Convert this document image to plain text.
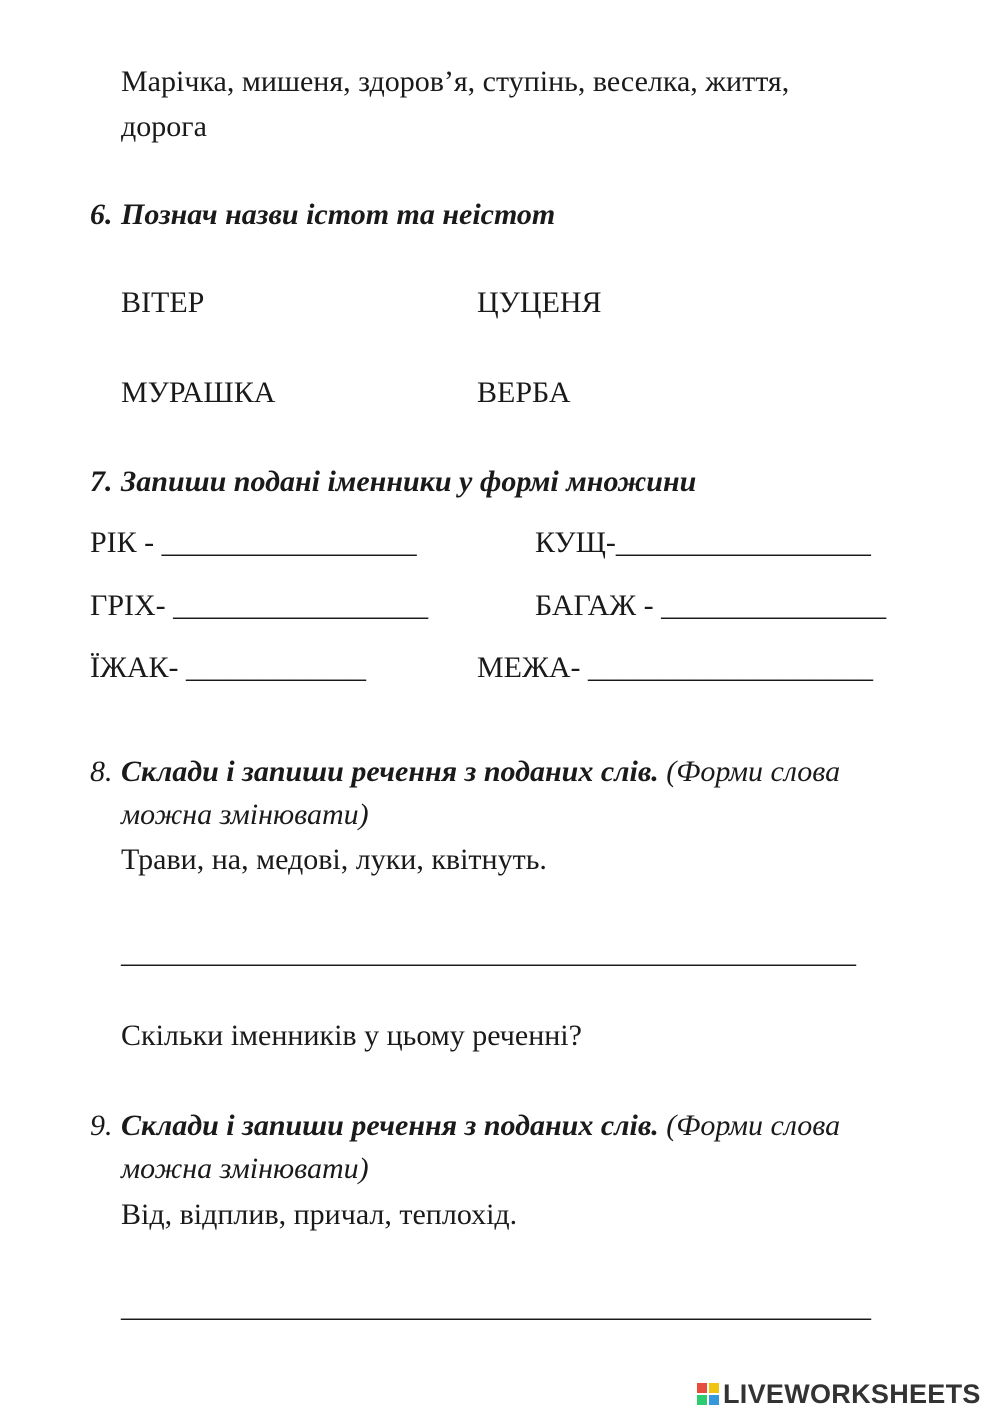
Марічка, мишеня, здоров’я, ступінь, веселка, життя,
дорога
6. Познач назви істот та неістот
ВІТЕР	ЦУЦЕНЯ
МУРАШКА	ВЕРБА
7. Запиши подані іменники у формі множини
РІК - _________________	КУЩ-_________________
ГРІХ- _________________	БАГАЖ - _______________
ЇЖАК- ____________	МЕЖА- ___________________
8. Склади і запиши речення з поданих слів. (Форми слова
можна змінювати)
Трави, на, медові, луки, квітнуть.
_________________________________________________
Скільки іменників у цьому реченні?
9. Склади і запиши речення з поданих слів. (Форми слова
можна змінювати)
Від, відплив, причал, теплохід.
__________________________________________________
LIVEWORKSHEETS
